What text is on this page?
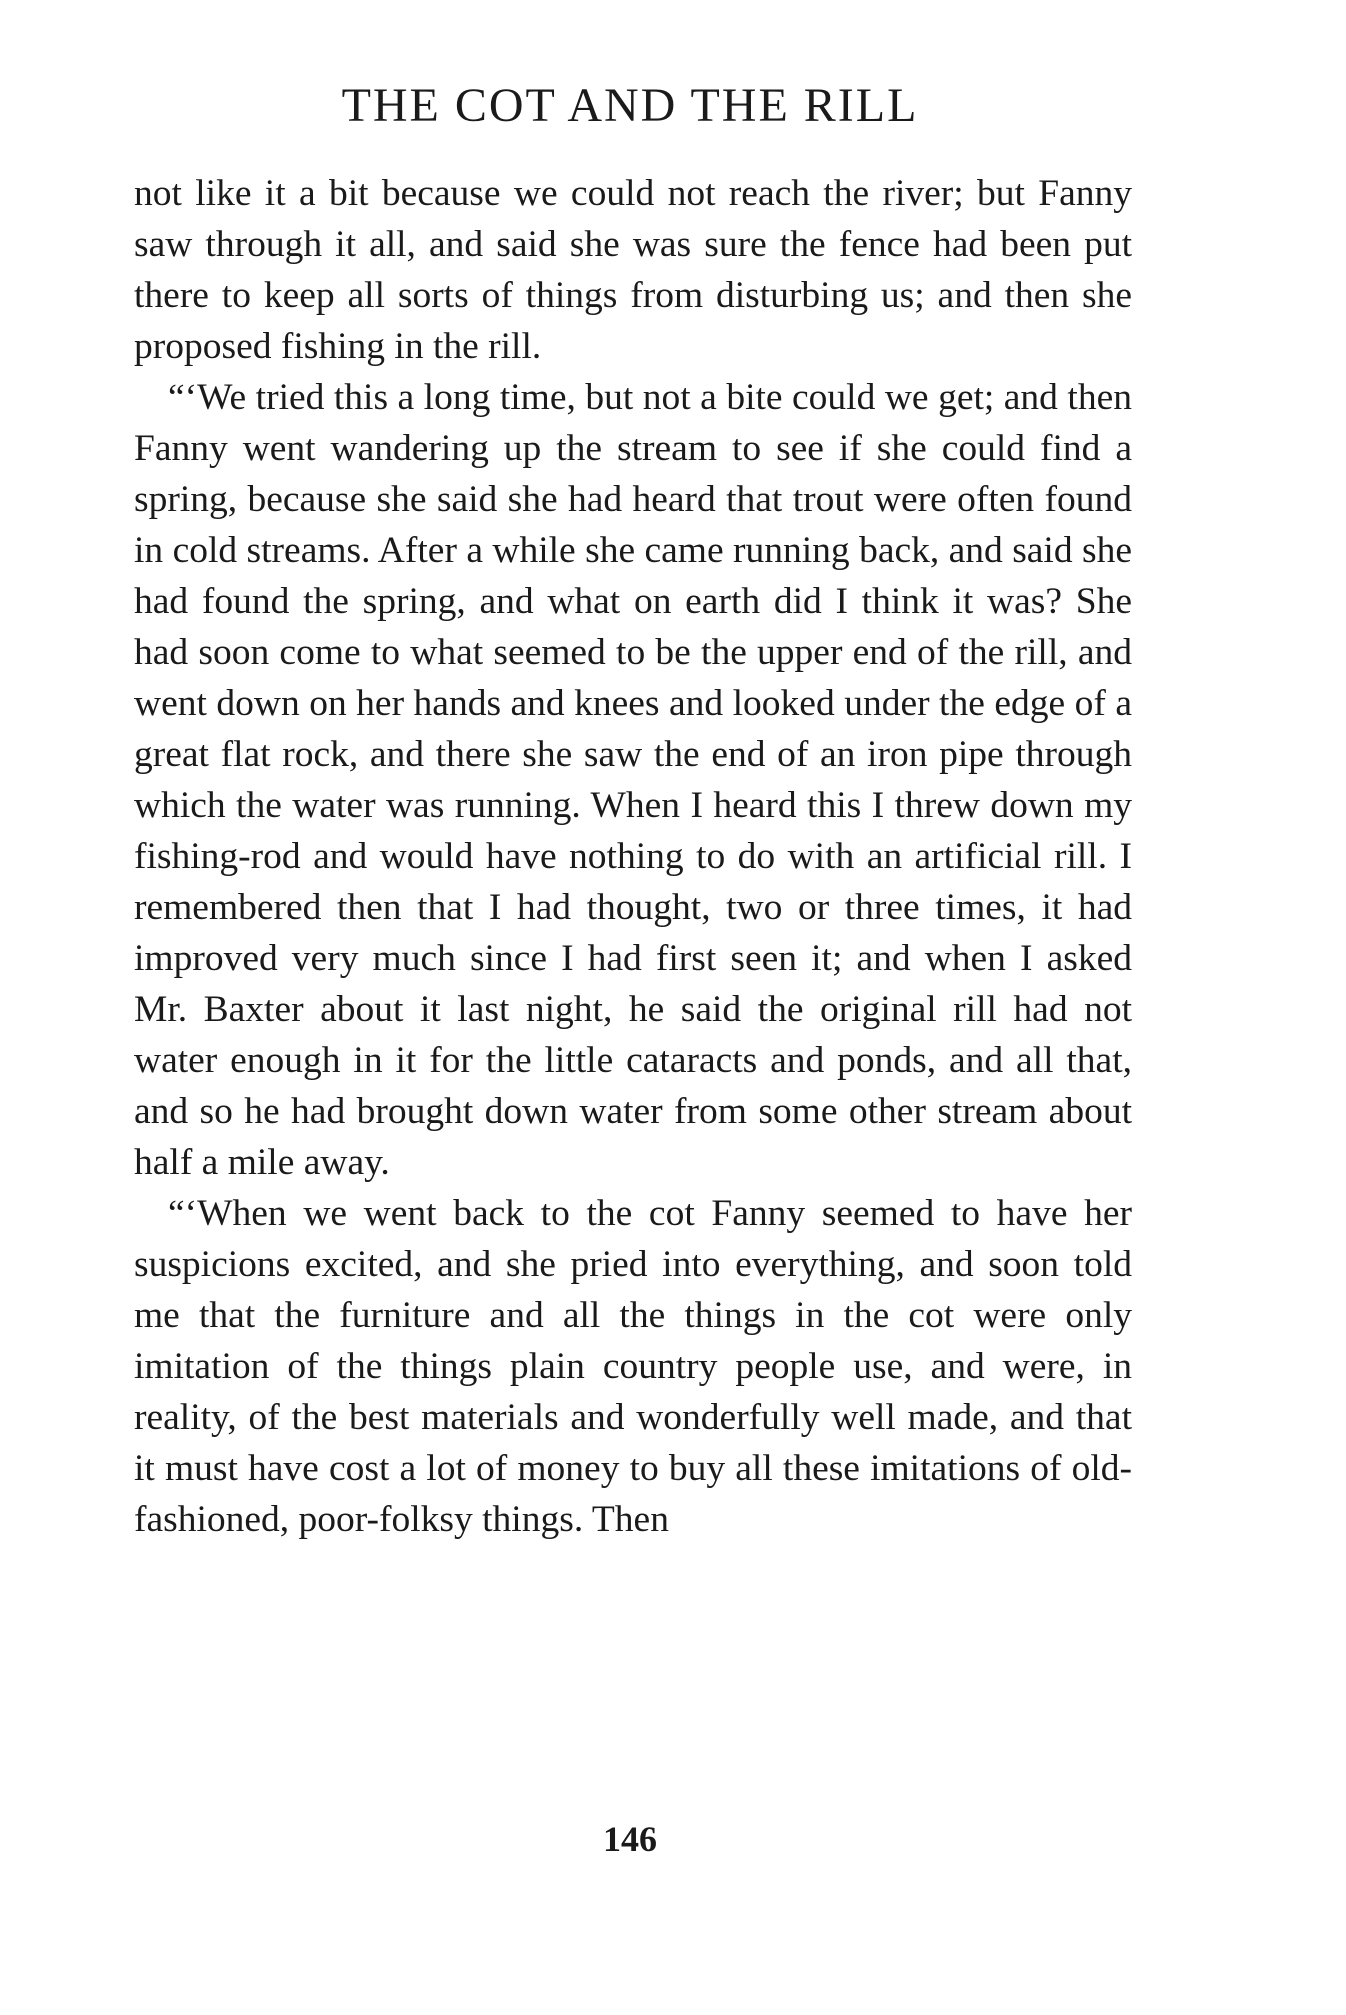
THE COT AND THE RILL

not like it a bit because we could not reach the river; but Fanny saw through it all, and said she was sure the fence had been put there to keep all sorts of things from disturbing us; and then she proposed fishing in the rill.

“‘We tried this a long time, but not a bite could we get; and then Fanny went wandering up the stream to see if she could find a spring, because she said she had heard that trout were often found in cold streams. After a while she came running back, and said she had found the spring, and what on earth did I think it was? She had soon come to what seemed to be the upper end of the rill, and went down on her hands and knees and looked under the edge of a great flat rock, and there she saw the end of an iron pipe through which the water was running. When I heard this I threw down my fishing-rod and would have nothing to do with an artificial rill. I remembered then that I had thought, two or three times, it had improved very much since I had first seen it; and when I asked Mr. Baxter about it last night, he said the original rill had not water enough in it for the little cataracts and ponds, and all that, and so he had brought down water from some other stream about half a mile away.

“‘When we went back to the cot Fanny seemed to have her suspicions excited, and she pried into everything, and soon told me that the furniture and all the things in the cot were only imitation of the things plain country people use, and were, in reality, of the best materials and wonderfully well made, and that it must have cost a lot of money to buy all these imitations of old-fashioned, poor-folksy things. Then

146
